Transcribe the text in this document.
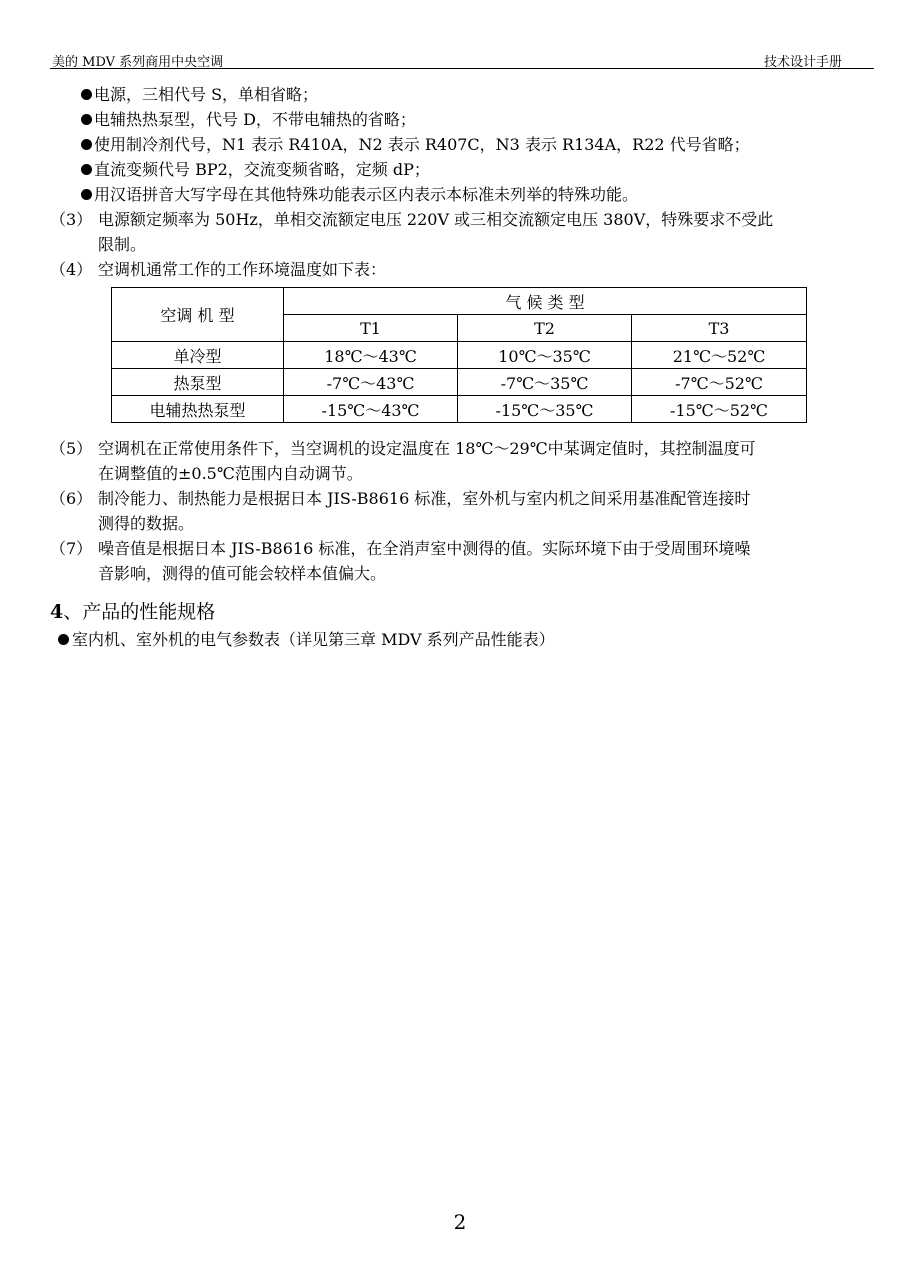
美的 MDV 系列商用中央空调	技术设计手册
电源，三相代号 S，单相省略；
电辅热热泵型，代号 D，不带电辅热的省略；
使用制冷剂代号，N1 表示 R410A，N2 表示 R407C，N3 表示 R134A，R22 代号省略；
直流变频代号 BP2，交流变频省略，定频 dP；
用汉语拼音大写字母在其他特殊功能表示区内表示本标准未列举的特殊功能。
（3） 电源额定频率为 50Hz，单相交流额定电压 220V 或三相交流额定电压 380V，特殊要求不受此
限制。
（4） 空调机通常工作的工作环境温度如下表：
（5） 空调机在正常使用条件下，当空调机的设定温度在 18℃～29℃中某调定值时，其控制温度可
在调整值的±0.5℃范围内自动调节。
（6） 制冷能力、制热能力是根据日本 JIS-B8616 标准，室外机与室内机之间采用基准配管连接时
测得的数据。
（7） 噪音值是根据日本 JIS-B8616 标准，在全消声室中测得的值。实际环境下由于受周围环境噪
音影响，测得的值可能会较样本值偏大。
空调 机 型	气 候 类 型		
	T1	T2	T3
单冷型	18℃～43℃	10℃～35℃	21℃～52℃
热泵型	-7℃～43℃	-7℃～35℃	-7℃～52℃
电辅热热泵型	-15℃～43℃	-15℃～35℃	-15℃～52℃
4、产品的性能规格
室内机、室外机的电气参数表（详见第三章 MDV 系列产品性能表）
2
